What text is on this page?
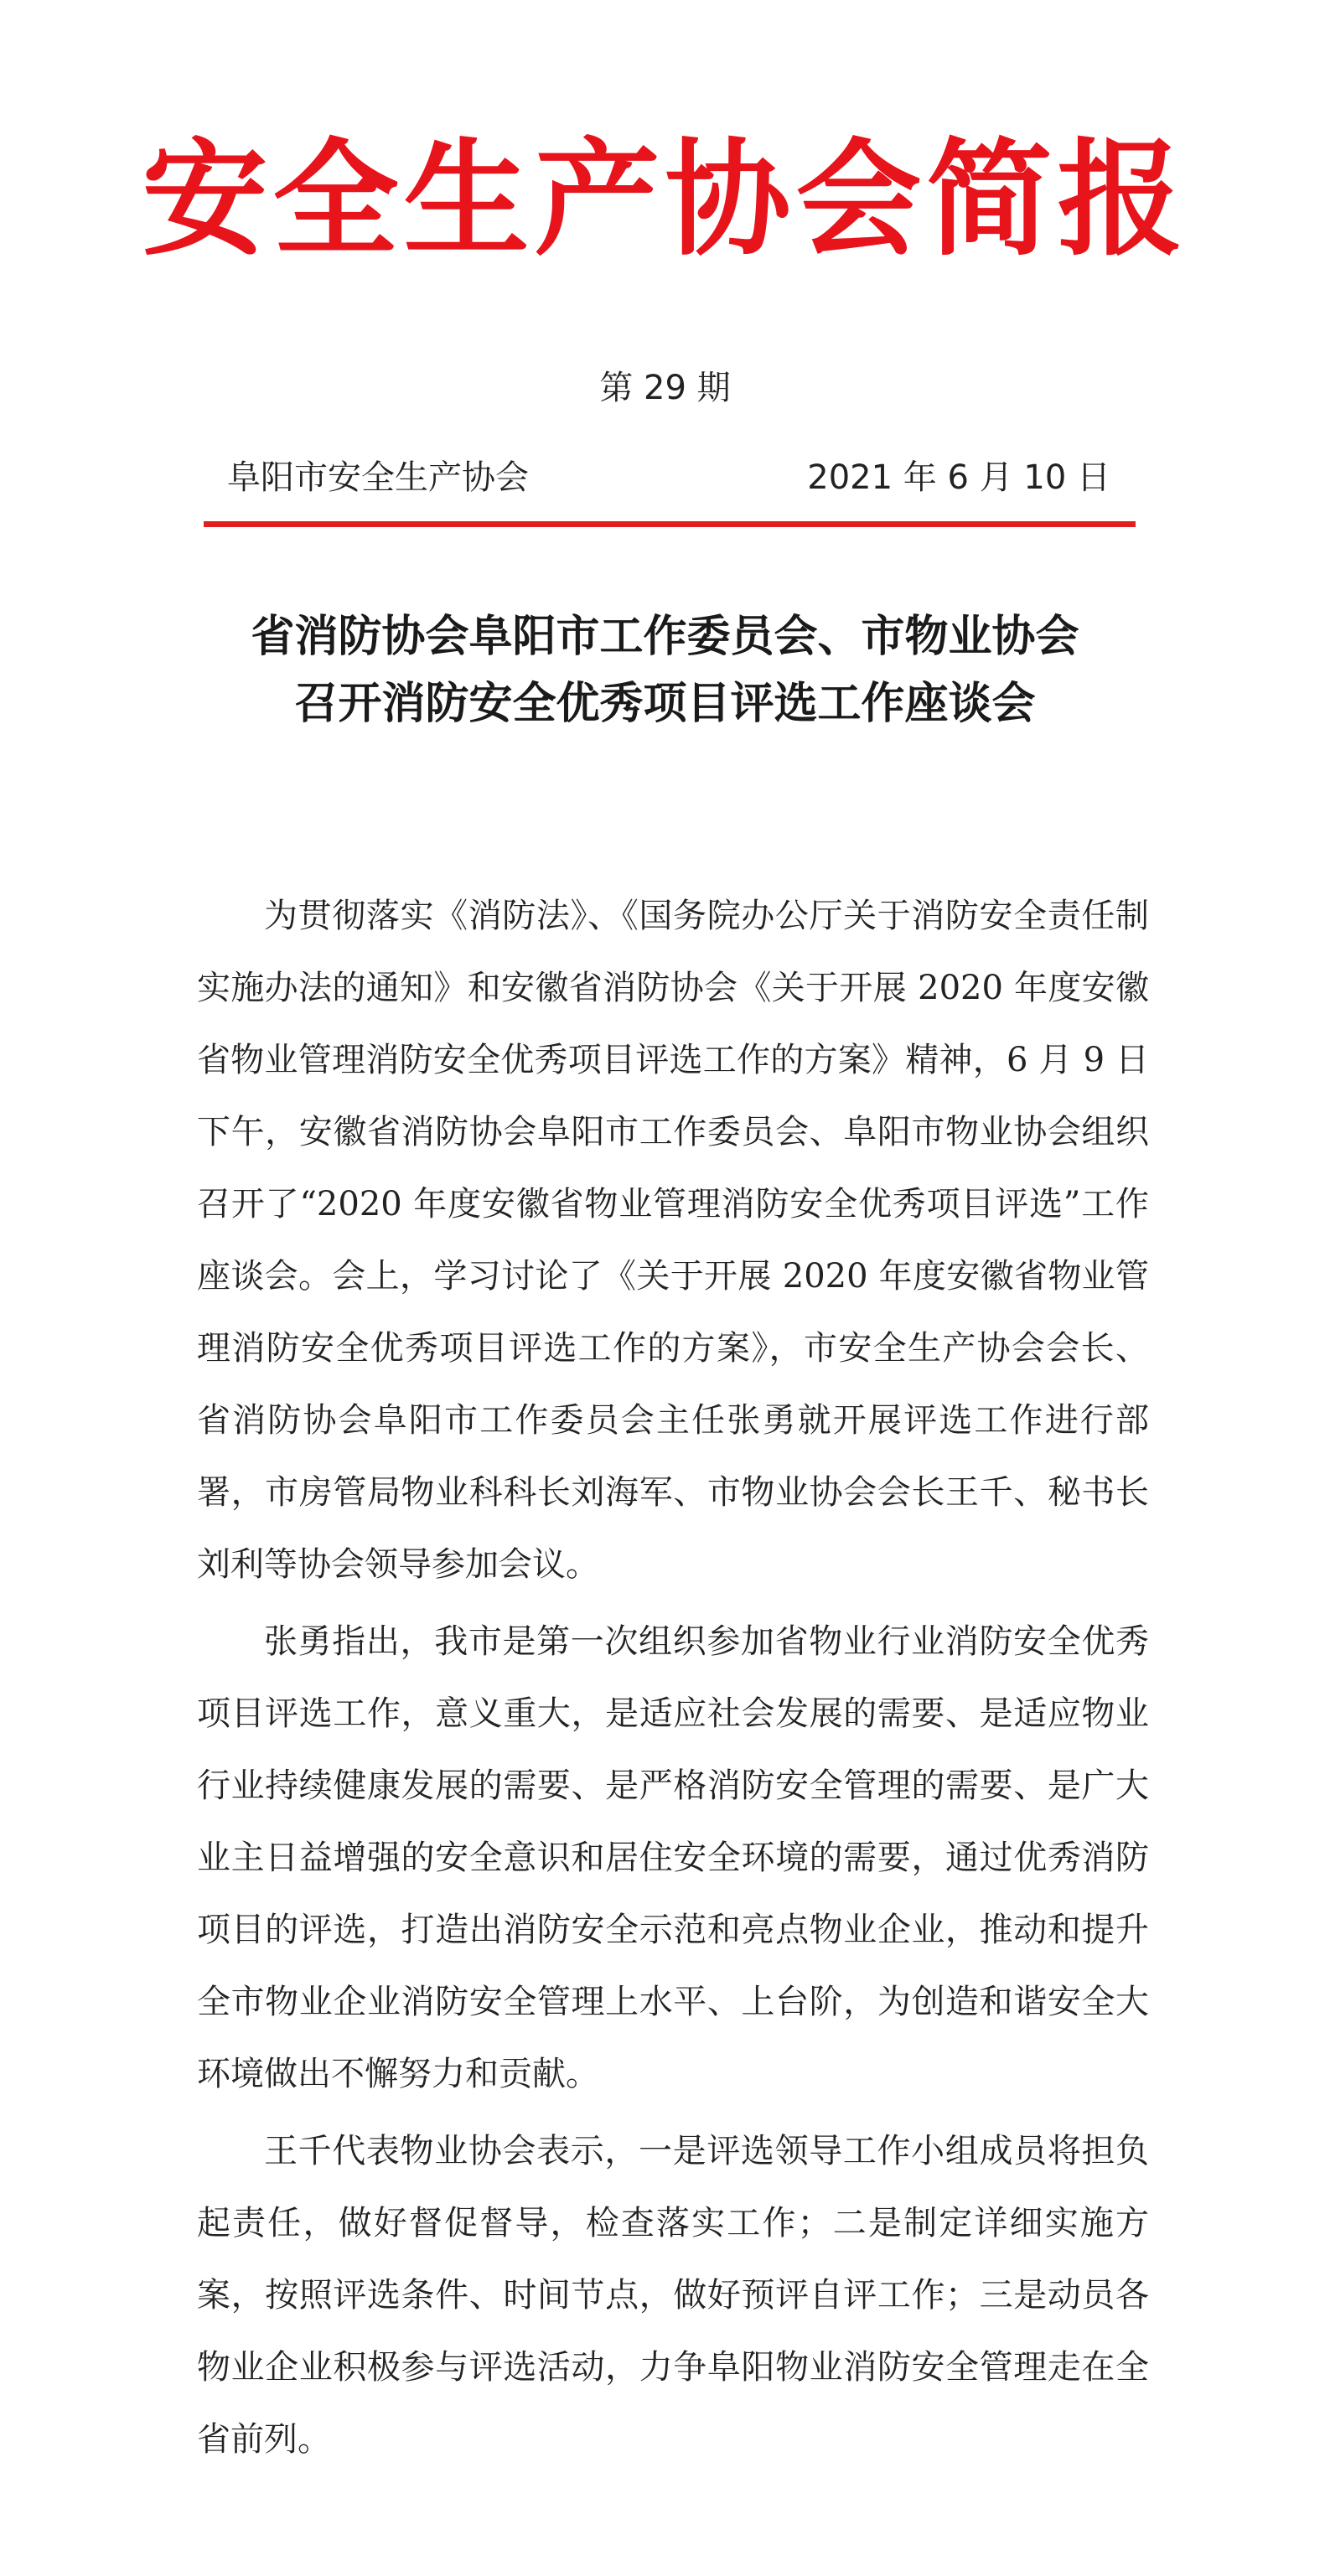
安全生产协会简报
第 29 期
阜阳市安全生产协会	2021 年 6 月 10 日
省消防协会阜阳市工作委员会、市物业协会
召开消防安全优秀项目评选工作座谈会

为贯彻落实《消防法》、《国务院办公厅关于消防安全责任制实施办法的通知》和安徽省消防协会《关于开展 2020 年度安徽省物业管理消防安全优秀项目评选工作的方案》精神，6 月 9 日下午，安徽省消防协会阜阳市工作委员会、阜阳市物业协会组织召开了“2020 年度安徽省物业管理消防安全优秀项目评选”工作座谈会。会上，学习讨论了《关于开展 2020 年度安徽省物业管理消防安全优秀项目评选工作的方案》，市安全生产协会会长、省消防协会阜阳市工作委员会主任张勇就开展评选工作进行部署，市房管局物业科科长刘海军、市物业协会会长王千、秘书长刘利等协会领导参加会议。

张勇指出，我市是第一次组织参加省物业行业消防安全优秀项目评选工作，意义重大，是适应社会发展的需要、是适应物业行业持续健康发展的需要、是严格消防安全管理的需要、是广大业主日益增强的安全意识和居住安全环境的需要，通过优秀消防项目的评选，打造出消防安全示范和亮点物业企业，推动和提升全市物业企业消防安全管理上水平、上台阶，为创造和谐安全大环境做出不懈努力和贡献。

王千代表物业协会表示，一是评选领导工作小组成员将担负起责任，做好督促督导，检查落实工作；二是制定详细实施方案，按照评选条件、时间节点，做好预评自评工作；三是动员各物业企业积极参与评选活动，力争阜阳物业消防安全管理走在全省前列。
